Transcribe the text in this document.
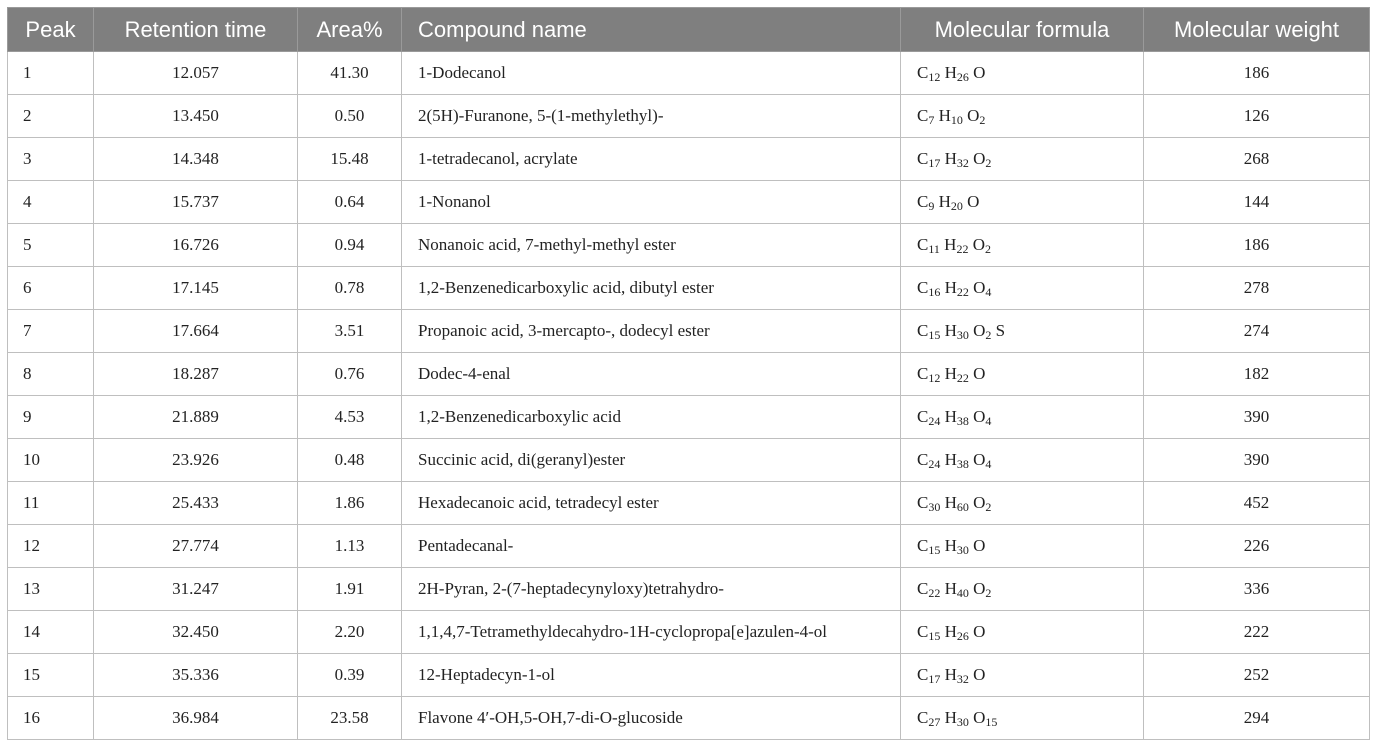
Peak	Retention time	Area%	Compound name	Molecular formula	Molecular weight
1	12.057	41.30	1-Dodecanol	$C_{12}$ $H_{26}$ O	186
2	13.450	0.50	2(5H)-Furanone, 5-(1-methylethyl)-	$C_7$ $H_{10}$ $O_2$	126
3	14.348	15.48	1-tetradecanol, acrylate	$C_{17}$ $H_{32}$ $O_2$	268
4	15.737	0.64	1-Nonanol	$C_9$ $H_{20}$ O	144
5	16.726	0.94	Nonanoic acid, 7-methyl-methyl ester	$C_{11}$ $H_{22}$ $O_2$	186
6	17.145	0.78	1,2-Benzenedicarboxylic acid, dibutyl ester	$C_{16}$ $H_{22}$ $O_4$	278
7	17.664	3.51	Propanoic acid, 3-mercapto-, dodecyl ester	$C_{15}$ $H_{30}$ $O_2$ S	274
8	18.287	0.76	Dodec-4-enal	$C_{12}$ $H_{22}$ O	182
9	21.889	4.53	1,2-Benzenedicarboxylic acid	$C_{24}$ $H_{38}$ $O_4$	390
10	23.926	0.48	Succinic acid, di(geranyl)ester	$C_{24}$ $H_{38}$ $O_4$	390
11	25.433	1.86	Hexadecanoic acid, tetradecyl ester	$C_{30}$ $H_{60}$ $O_2$	452
12	27.774	1.13	Pentadecanal-	$C_{15}$ $H_{30}$ O	226
13	31.247	1.91	2H-Pyran, 2-(7-heptadecynyloxy)tetrahydro-	$C_{22}$ $H_{40}$ $O_2$	336
14	32.450	2.20	1,1,4,7-Tetramethyldecahydro-1H-cyclopropa[e]azulen-4-ol	$C_{15}$ $H_{26}$ O	222
15	35.336	0.39	12-Heptadecyn-1-ol	$C_{17}$ $H_{32}$ O	252
16	36.984	23.58	Flavone 4′-OH,5-OH,7-di-O-glucoside	$C_{27}$ $H_{30}$ $O_{15}$	294
